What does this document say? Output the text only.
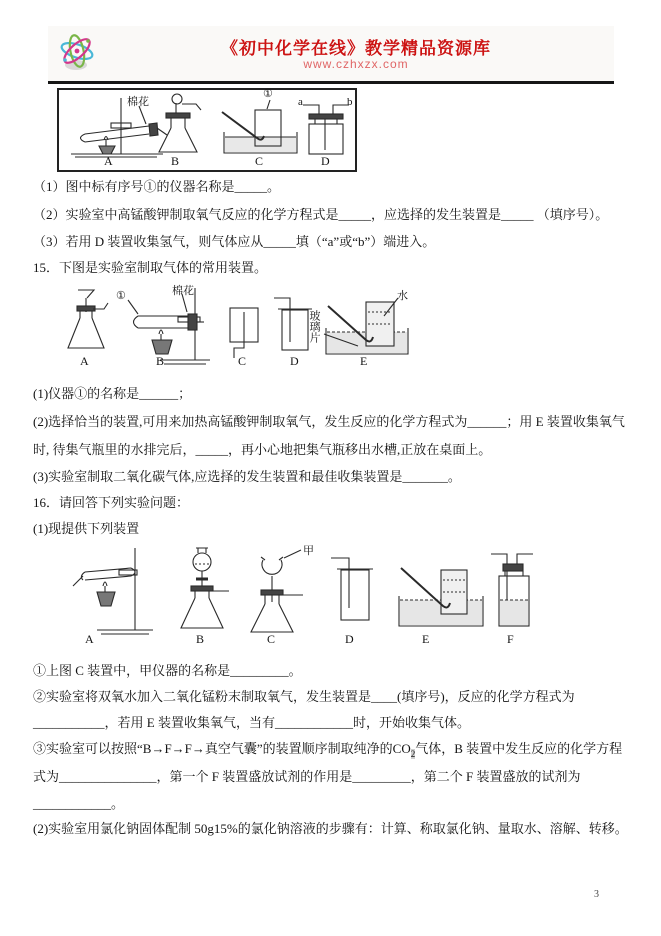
《初中化学在线》教学精品资源库
www.czhxzx.com
棉花
①
a	b
A	B	C	D
（1）图中标有序号①的仪器名称是_____。
（2）实验室中高锰酸钾制取氧气反应的化学方程式是_____，应选择的发生装置是_____ （填序号）。
（3）若用 D 装置收集氢气，则气体应从_____填（“a”或“b”）端进入。
15．下图是实验室制取气体的常用装置。
①	棉花	水
玻璃片
A	B	C	D	E
(1)仪器①的名称是______；
(2)选择恰当的装置,可用来加热高锰酸钾制取氧气，发生反应的化学方程式为______；用 E 装置收集氧气
时, 待集气瓶里的水排完后，_____，再小心地把集气瓶移出水槽,正放在桌面上。
(3)实验室制取二氧化碳气体,应选择的发生装置和最佳收集装置是_______。
16．请回答下列实验问题：
(1)现提供下列装置
甲
A	B	C	D	E	F
①上图 C 装置中，甲仪器的名称是_________。
②实验室将双氧水加入二氧化锰粉末制取氧气，发生装置是____(填序号)，反应的化学方程式为
___________，若用 E 装置收集氧气，当有____________时，开始收集气体。
③实验室可以按照“B→F→F→真空气囊”的装置顺序制取纯净的$CO_2$气体，B 装置中发生反应的化学方程
式为_______________，第一个 F 装置盛放试剂的作用是_________，第二个 F 装置盛放的试剂为
____________。
(2)实验室用氯化钠固体配制 50g15%的氯化钠溶液的步骤有：计算、称取氯化钠、量取水、溶解、转移。
3
